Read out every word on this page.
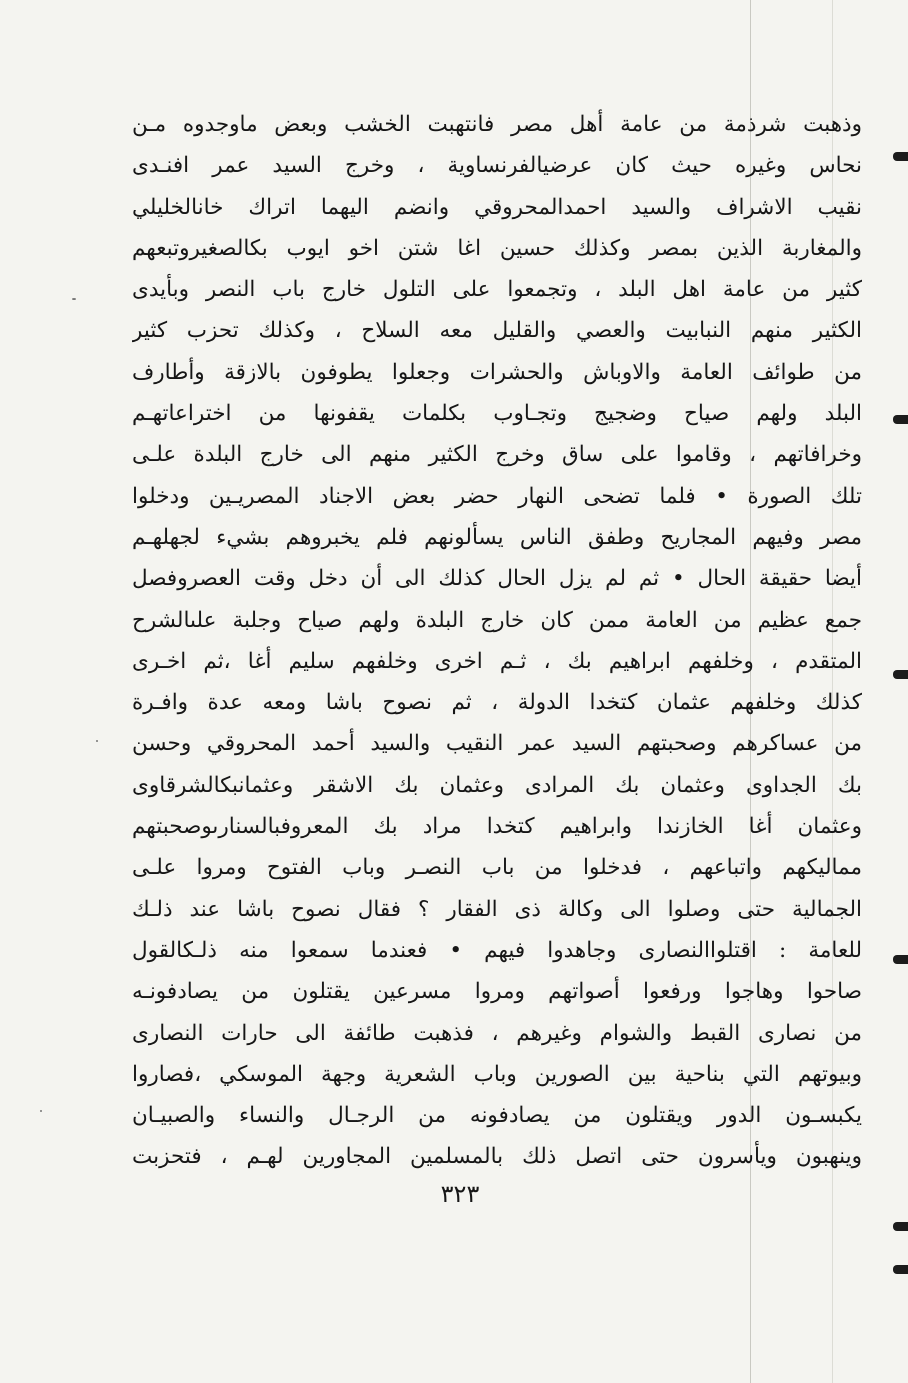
وذهبت شرذمة من عامة أهل مصر فانتهبت الخشب وبعض ماوجدوه مـن
نحاس وغيره حيث كان عرضيالفرنساوية ، وخرج السيد عمر افنـدى
نقيب الاشراف والسيد احمدالمحروقي وانضم اليهما اتراك خانالخليلي
والمغاربة الذين بمصر وكذلك حسين اغا شتن اخو ايوب بكالصغيروتبعهم
كثير من عامة اهل البلد ، وتجمعوا على التلول خارج باب النصر وبأيدى
الكثير منهم النبابيت والعصي والقليل معه السلاح ، وكذلك تحزب كثير
من طوائف العامة والاوباش والحشرات وجعلوا يطوفون بالازقة وأطارف
البلد ولهم صياح وضجيج وتجـاوب بكلمات يقفونها من اختراعاتهـم
وخرافاتهم ، وقاموا على ساق وخرج الكثير منهم الى خارج البلدة علـى
تلك الصورة • فلما تضحى النهار حضر بعض الاجناد المصريـين ودخلوا
مصر وفيهم المجاريح وطفق الناس يسألونهم فلم يخبروهم بشيء لجهلهـم
أيضا حقيقة الحال • ثم لم يزل الحال كذلك الى أن دخل وقت العصروفصل
جمع عظيم من العامة ممن كان خارج البلدة ولهم صياح وجلبة علىالشرح
المتقدم ، وخلفهم ابراهيم بك ، ثـم اخرى وخلفهم سليم أغا ،ثم اخـرى
كذلك وخلفهم عثمان كتخدا الدولة ، ثم نصوح باشا ومعه عدة وافـرة
من عساكرهم وصحبتهم السيد عمر النقيب والسيد أحمد المحروقي وحسن
بك الجداوى وعثمان بك المرادى وعثمان بك الاشقر وعثمانبكالشرقاوى
وعثمان أغا الخازندا وابراهيم كتخدا مراد بك المعروفبالسنارىوصحبتهم
مماليكهم واتباعهم ، فدخلوا من باب النصـر وباب الفتوح ومروا علـى
الجمالية حتى وصلوا الى وكالة ذى الفقار ؟ فقال نصوح باشا عند ذلـك
للعامة : اقتلواالنصارى وجاهدوا فيهم • فعندما سمعوا منه ذلـكالقول
صاحوا وهاجوا ورفعوا أصواتهم ومروا مسرعين يقتلون من يصادفونـه
من نصارى القبط والشوام وغيرهم ، فذهبت طائفة الى حارات النصارى
وبيوتهم التي بناحية بين الصورين وباب الشعرية وجهة الموسكي ،فصاروا
يكبسـون الدور ويقتلون من يصادفونه من الرجـال والنساء والصبيـان
وينهبون ويأسرون حتى اتصل ذلك بالمسلمين المجاورين لهـم ، فتحزبت
٣٢٣
